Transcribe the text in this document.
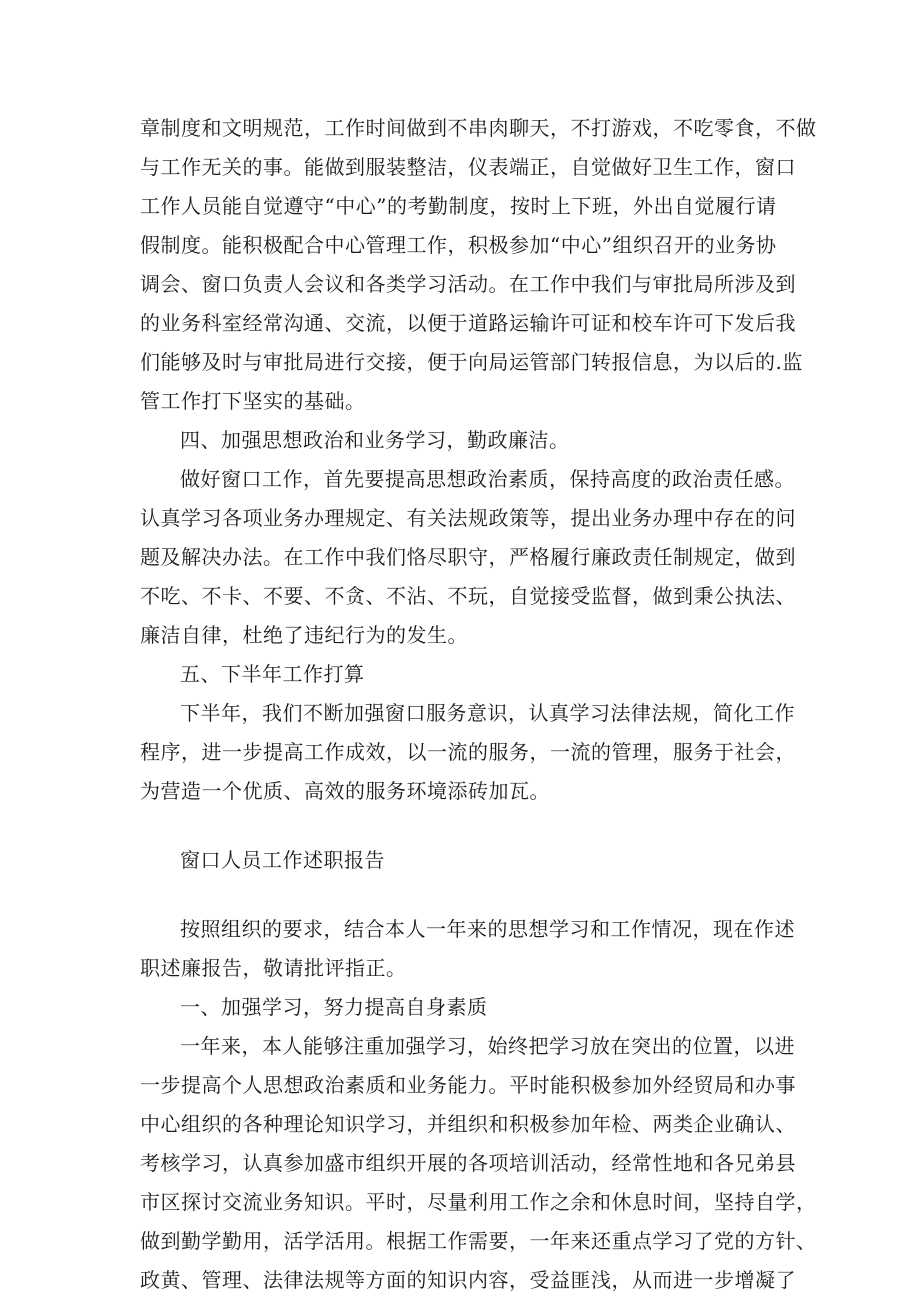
章制度和文明规范，工作时间做到不串肉聊天，不打游戏，不吃零食，不做
与工作无关的事。能做到服装整洁，仪表端正，自觉做好卫生工作，窗口
工作人员能自觉遵守“中心”的考勤制度，按时上下班，外出自觉履行请
假制度。能积极配合中心管理工作，积极参加“中心”组织召开的业务协
调会、窗口负责人会议和各类学习活动。在工作中我们与审批局所涉及到
的业务科室经常沟通、交流，以便于道路运输许可证和校车许可下发后我
们能够及时与审批局进行交接，便于向局运管部门转报信息，为以后的.监
管工作打下坚实的基础。
四、加强思想政治和业务学习，勤政廉洁。
做好窗口工作，首先要提高思想政治素质，保持高度的政治责任感。
认真学习各项业务办理规定、有关法规政策等，提出业务办理中存在的问
题及解决办法。在工作中我们恪尽职守，严格履行廉政责任制规定，做到
不吃、不卡、不要、不贪、不沾、不玩，自觉接受监督，做到秉公执法、
廉洁自律，杜绝了违纪行为的发生。
五、下半年工作打算
下半年，我们不断加强窗口服务意识，认真学习法律法规，简化工作
程序，进一步提高工作成效，以一流的服务，一流的管理，服务于社会，
为营造一个优质、高效的服务环境添砖加瓦。
窗口人员工作述职报告
按照组织的要求，结合本人一年来的思想学习和工作情况，现在作述
职述廉报告，敬请批评指正。
一、加强学习，努力提高自身素质
一年来，本人能够注重加强学习，始终把学习放在突出的位置，以进
一步提高个人思想政治素质和业务能力。平时能积极参加外经贸局和办事
中心组织的各种理论知识学习，并组织和积极参加年检、两类企业确认、
考核学习，认真参加盛市组织开展的各项培训活动，经常性地和各兄弟县
市区探讨交流业务知识。平时，尽量利用工作之余和休息时间，坚持自学，
做到勤学勤用，活学活用。根据工作需要，一年来还重点学习了党的方针、
政黄、管理、法律法规等方面的知识内容，受益匪浅，从而进一步增凝了
